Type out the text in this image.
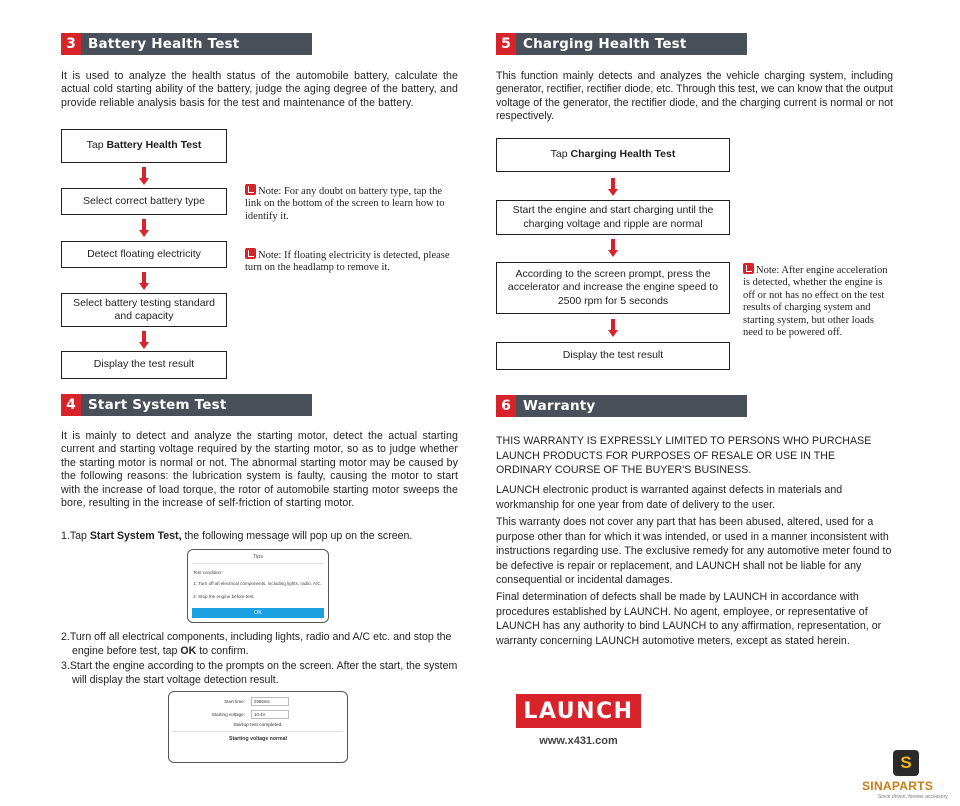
3 Battery Health Test
It is used to analyze the health status of the automobile battery, calculate the actual cold starting ability of the battery, judge the aging degree of the battery, and provide reliable analysis basis for the test and maintenance of the battery.
Tap Battery Health Test
Select correct battery type
Detect floating electricity
Select battery testing standard and capacity
Display the test result
Note: For any doubt on battery type, tap the link on the bottom of the screen to learn how to identify it.
Note: If floating electricity is detected, please turn on the headlamp to remove it.
4 Start System Test
It is mainly to detect and analyze the starting motor, detect the actual starting current and starting voltage required by the starting motor, so as to judge whether the starting motor is normal or not. The abnormal starting motor may be caused by the following reasons: the lubrication system is faulty, causing the motor to start with the increase of load torque, the rotor of automobile starting motor sweeps the bore, resulting in the increase of self-friction of starting motor.
1.Tap Start System Test, the following message will pop up on the screen.
Tips
Test condition:
1: Turn off all electrical components, including lights, radio, A/C.
2: Stop the engine before test.
OK
2.Turn off all electrical components, including lights, radio and A/C etc. and stop the engine before test, tap OK to confirm.
3.Start the engine according to the prompts on the screen. After the start, the system will display the start voltage detection result.
Start time:	2566ms
Starting voltage:	10.4V
Startup test completed.
Starting voltage normal
5 Charging Health Test
This function mainly detects and analyzes the vehicle charging system, including generator, rectifier, rectifier diode, etc. Through this test, we can know that the output voltage of the generator, the rectifier diode, and the charging current is normal or not respectively.
Tap Charging Health Test
Start the engine and start charging until the charging voltage and ripple are normal
According to the screen prompt, press the accelerator and increase the engine speed to 2500 rpm for 5 seconds
Display the test result
Note: After engine acceleration is detected, whether the engine is off or not has no effect on the test results of charging system and starting system, but other loads need to be powered off.
6 Warranty
THIS WARRANTY IS EXPRESSLY LIMITED TO PERSONS WHO PURCHASE LAUNCH PRODUCTS FOR PURPOSES OF RESALE OR USE IN THE ORDINARY COURSE OF THE BUYER'S BUSINESS.
LAUNCH electronic product is warranted against defects in materials and workmanship for one year from date of delivery to the user.
This warranty does not cover any part that has been abused, altered, used for a purpose other than for which it was intended, or used in a manner inconsistent with instructions regarding use. The exclusive remedy for any automotive meter found to be defective is repair or replacement, and LAUNCH shall not be liable for any consequential or incidental damages.
Final determination of defects shall be made by LAUNCH in accordance with procedures established by LAUNCH. No agent, employee, or representative of LAUNCH has any authority to bind LAUNCH to any affirmation, representation, or warranty concerning LAUNCH automotive meters, except as stated herein.
LAUNCH
www.x431.com
S
SINAPARTS
Since driven, forever accessory
